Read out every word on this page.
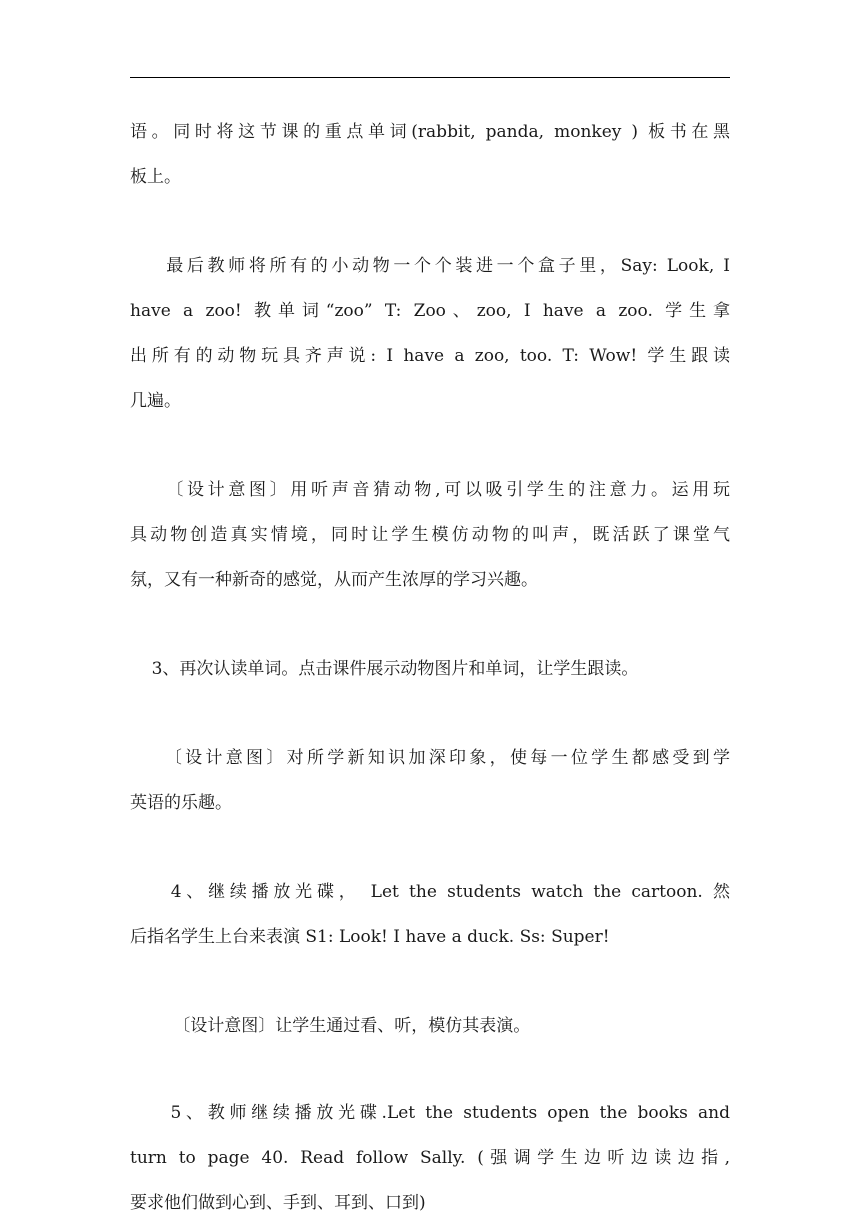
语。同时将这节课的重点单词(rabbit, panda, monkey ) 板书在黑
板上。

最后教师将所有的小动物一个个装进一个盒子里，Say: Look, I
have a zoo! 教单词“zoo” T: Zoo、zoo, I have a zoo. 学生拿
出所有的动物玩具齐声说: I have a zoo, too. T: Wow! 学生跟读
几遍。

〔设计意图〕用听声音猜动物,可以吸引学生的注意力。运用玩
具动物创造真实情境，同时让学生模仿动物的叫声，既活跃了课堂气
氛，又有一种新奇的感觉，从而产生浓厚的学习兴趣。

3、再次认读单词。点击课件展示动物图片和单词，让学生跟读。

〔设计意图〕对所学新知识加深印象，使每一位学生都感受到学
英语的乐趣。

4、继续播放光碟， Let the students watch the cartoon. 然
后指名学生上台来表演 S1: Look! I have a duck. Ss: Super!

〔设计意图〕让学生通过看、听，模仿其表演。

5、教师继续播放光碟.Let the students open the books and
turn to page 40. Read follow Sally. (强调学生边听边读边指,
要求他们做到心到、手到、耳到、口到)
